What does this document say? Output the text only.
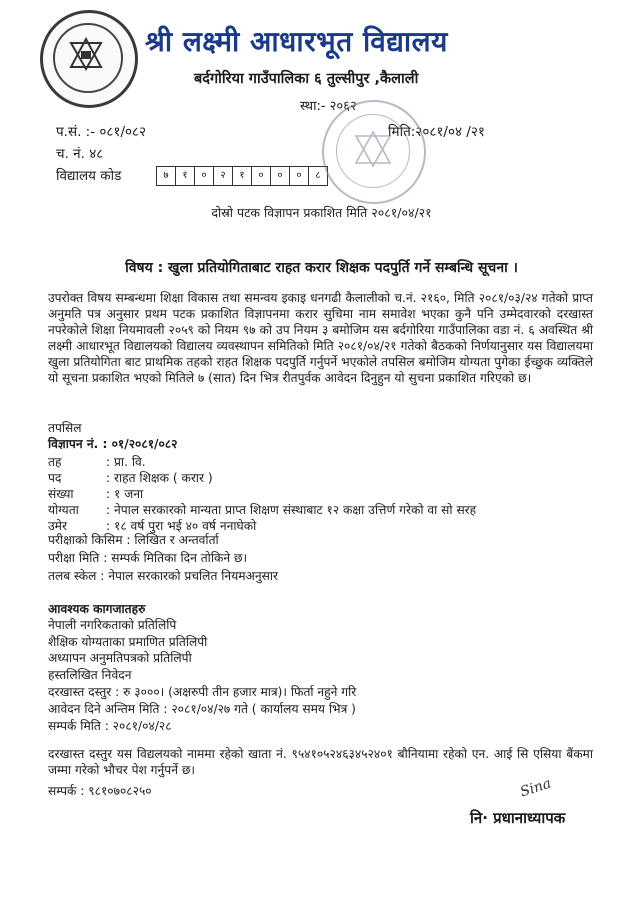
श्री लक्ष्मी आधारभूत विद्यालय
बर्दगोरिया गाउँपालिका ६ तुल्सीपुर ,कैलाली
स्था:- २०६२
प.सं. :- ०८१/०८२
च. नं. ४८
विद्यालय कोड	७	१	०	२	१	०	०	०	८
मिति:२०८१/०४ /२१
दोस्रो पटक विज्ञापन प्रकाशित मिति २०८१/०४/२१
विषय : खुला प्रतियोगिताबाट राहत करार शिक्षक पदपुर्ति गर्ने सम्बन्धि सूचना ।
उपरोक्त विषय सम्बन्धमा शिक्षा विकास तथा समन्वय इकाइ धनगढी कैलालीको च.नं. २१६०, मिति २०८१/०३/२४ गतेको प्राप्त अनुमति पत्र अनुसार प्रथम पटक प्रकाशित विज्ञापनमा करार सुचिमा नाम समावेश भएका कुनै पनि उम्मेदवारको दरखास्त नपरेकोले शिक्षा नियमावली २०५९ को नियम ९७ को उप नियम ३ बमोजिम यस बर्दगोरिया गाउँपालिका वडा नं. ६ अवस्थित श्री लक्ष्मी आधारभूत विद्यालयको विद्यालय व्यवस्थापन समितिको मिति २०८१/०४/२१ गतेको बैठकको निर्णयानुसार यस विद्यालयमा खुला प्रतियोगिता बाट प्राथमिक तहको राहत शिक्षक पदपुर्ति गर्नुपर्ने भएकोले तपसिल बमोजिम योग्यता पुगेका ईच्छुक व्यक्तिले यो सूचना प्रकाशित भएको मितिले ७ (सात) दिन भित्र रीतपुर्वक आवेदन दिनुहुन यो सुचना प्रकाशित गरिएको छ।
तपसिल
विज्ञापन नं. : ०१/२०८१/०८२
तह	: प्रा. वि.
पद	: राहत शिक्षक ( करार )
संख्या	: १ जना
योग्यता : नेपाल सरकारको मान्यता प्राप्त शिक्षण संस्थाबाट १२ कक्षा उत्तिर्ण गरेको वा सो सरह
उमेर	: १८ वर्ष पुरा भई ४० वर्ष ननाघेको
परीक्षाको किसिम : लिखित र अन्तर्वार्ता
परीक्षा मिति : सम्पर्क मितिका दिन तोकिने छ।
तलब स्केल : नेपाल सरकारको प्रचलित नियमअनुसार
आवश्यक कागजातहरु
नेपाली नगरिकताको प्रतिलिपि
शैक्षिक योग्यताका प्रमाणित प्रतिलिपी
अध्यापन अनुमतिपत्रको प्रतिलिपी
हस्तलिखित निवेदन
दरखास्त दस्तुर : रु ३०००। (अक्षरुपी तीन हजार मात्र)। फिर्ता नहुने गरि
आवेदन दिने अन्तिम मिति : २०८१/०४/२७ गते ( कार्यालय समय भित्र )
सम्पर्क मिति : २०८१/०४/२८
दरखास्त दस्तुर यस विद्यलयको नाममा रहेको खाता नं. ९५४१०५२४६३४५२४०१ बौनियामा रहेको एन. आई सि एसिया बैंकमा जम्मा गरेको भौचर पेश गर्नुपर्ने छ।
सम्पर्क : ९८१०७०८२५०	Sina
नि· प्रधानाध्यापक
